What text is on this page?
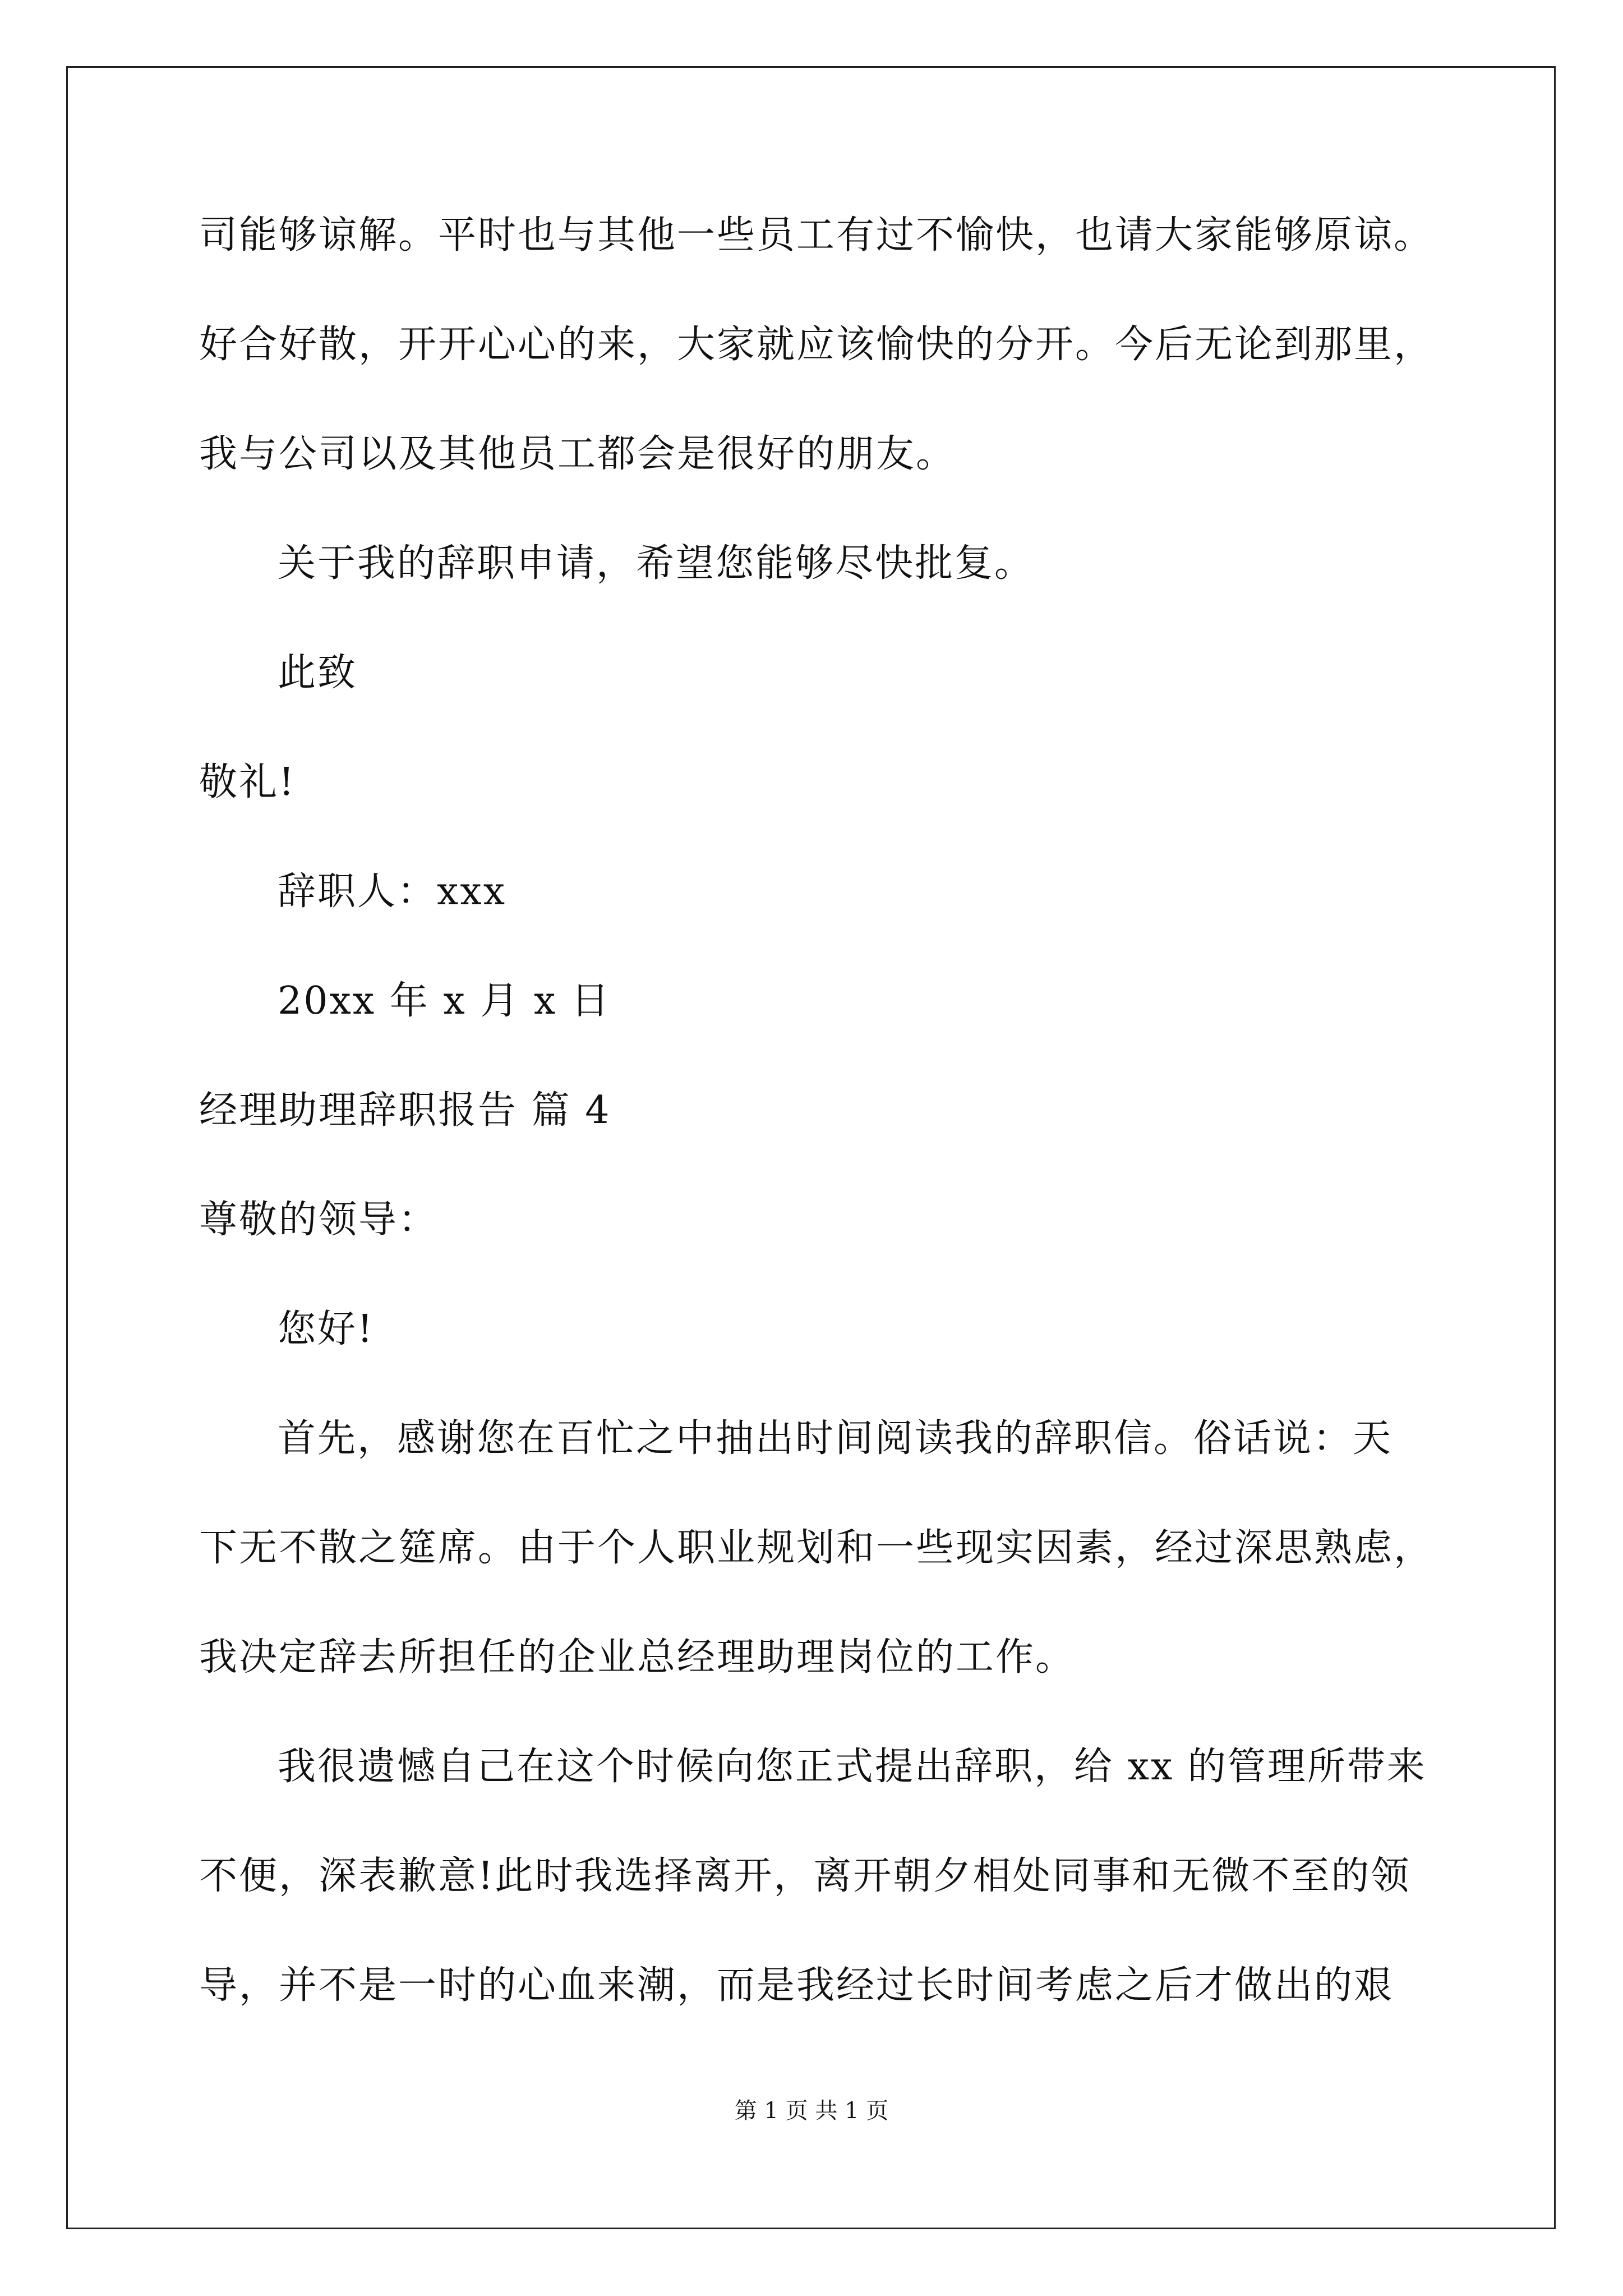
司能够谅解。平时也与其他一些员工有过不愉快，也请大家能够原谅。
好合好散，开开心心的来，大家就应该愉快的分开。今后无论到那里，
我与公司以及其他员工都会是很好的朋友。
关于我的辞职申请，希望您能够尽快批复。
此致
敬礼!
辞职人：xxx
20xx 年 x 月 x 日
经理助理辞职报告 篇 4
尊敬的领导：
您好!
首先，感谢您在百忙之中抽出时间阅读我的辞职信。俗话说：天
下无不散之筵席。由于个人职业规划和一些现实因素，经过深思熟虑，
我决定辞去所担任的企业总经理助理岗位的工作。
我很遗憾自己在这个时候向您正式提出辞职，给 xx 的管理所带来
不便，深表歉意!此时我选择离开，离开朝夕相处同事和无微不至的领
导，并不是一时的心血来潮，而是我经过长时间考虑之后才做出的艰
第 1 页 共 1 页
